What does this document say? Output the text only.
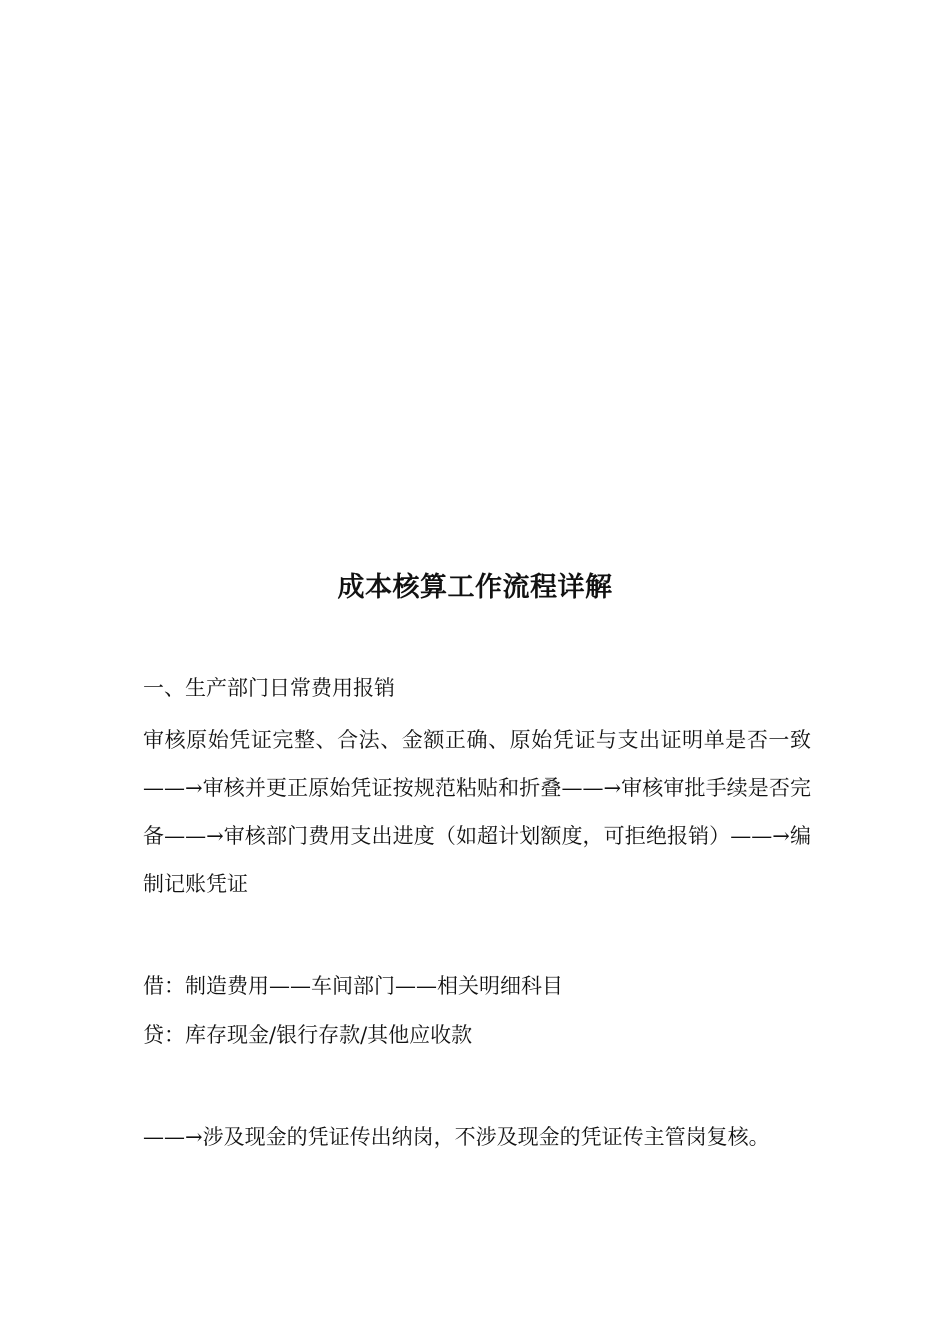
成本核算工作流程详解

一、生产部门日常费用报销

审核原始凭证完整、合法、金额正确、原始凭证与支出证明单是否一致——→审核并更正原始凭证按规范粘贴和折叠——→审核审批手续是否完备——→审核部门费用支出进度（如超计划额度，可拒绝报销）——→编制记账凭证

借：制造费用——车间部门——相关明细科目

贷：库存现金/银行存款/其他应收款

——→涉及现金的凭证传出纳岗，不涉及现金的凭证传主管岗复核。
